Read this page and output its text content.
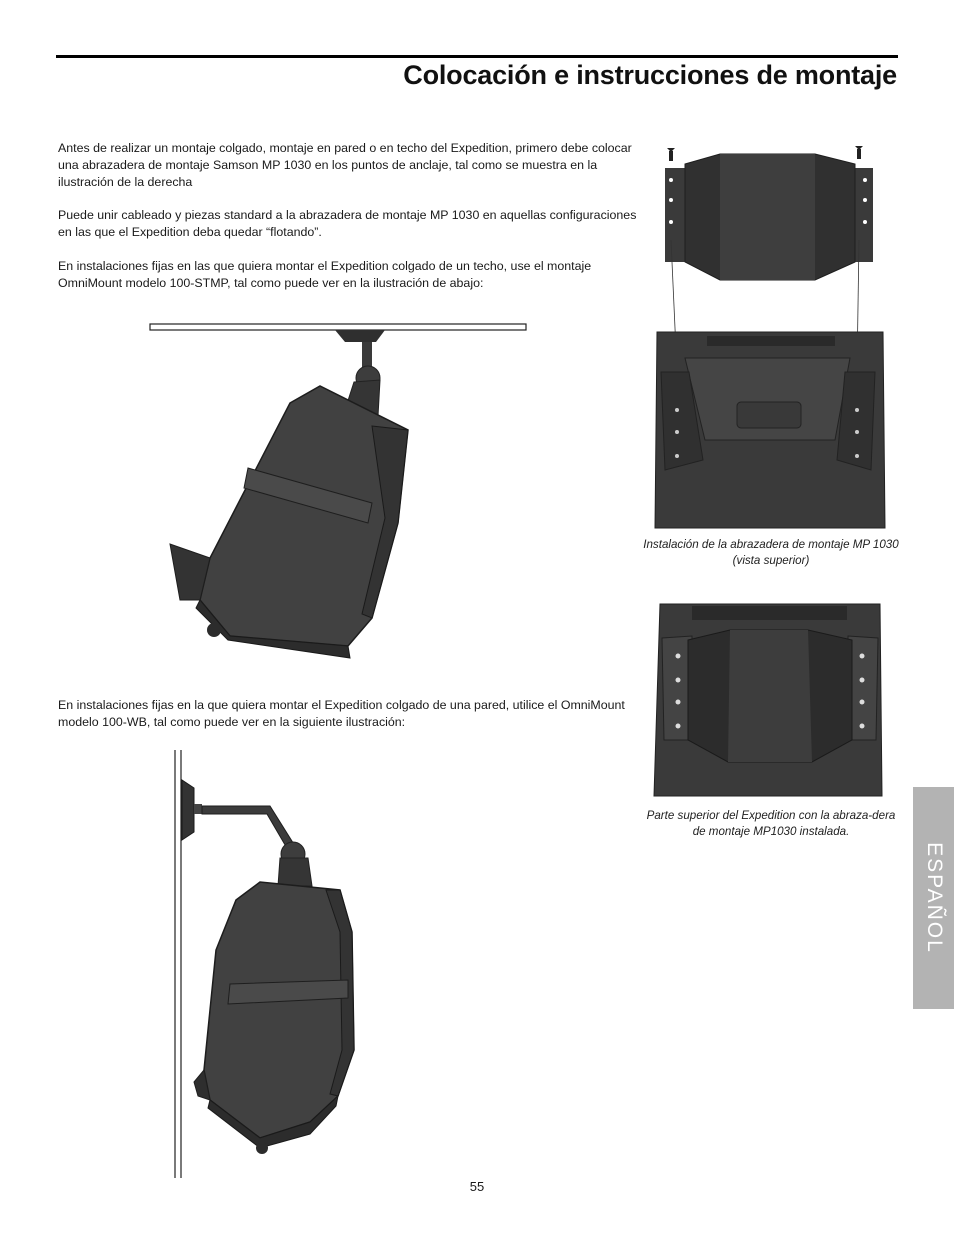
Colocación e instrucciones de montaje

Antes de realizar un montaje colgado, montaje en pared o en techo del Expedition, primero debe colocar una abrazadera de montaje Samson MP 1030 en los puntos de anclaje, tal como se muestra en la ilustración de la derecha

Puede unir cableado y piezas standard a la abrazadera de montaje MP 1030 en aquellas configuraciones en las que el Expedition deba quedar “flotando”.

En instalaciones fijas en las que quiera montar el Expedition colgado de un techo, use el montaje OmniMount modelo 100-STMP, tal como puede ver en la ilustración de abajo:

En instalaciones fijas en la que quiera montar el Expedition colgado de una pared, utilice el OmniMount modelo 100-WB, tal como puede ver en la siguiente ilustración:

Instalación de la abrazadera de montaje MP 1030 (vista superior)
Parte superior del Expedition con la abraza-dera de montaje MP1030 instalada.
55
ESPAÑOL
